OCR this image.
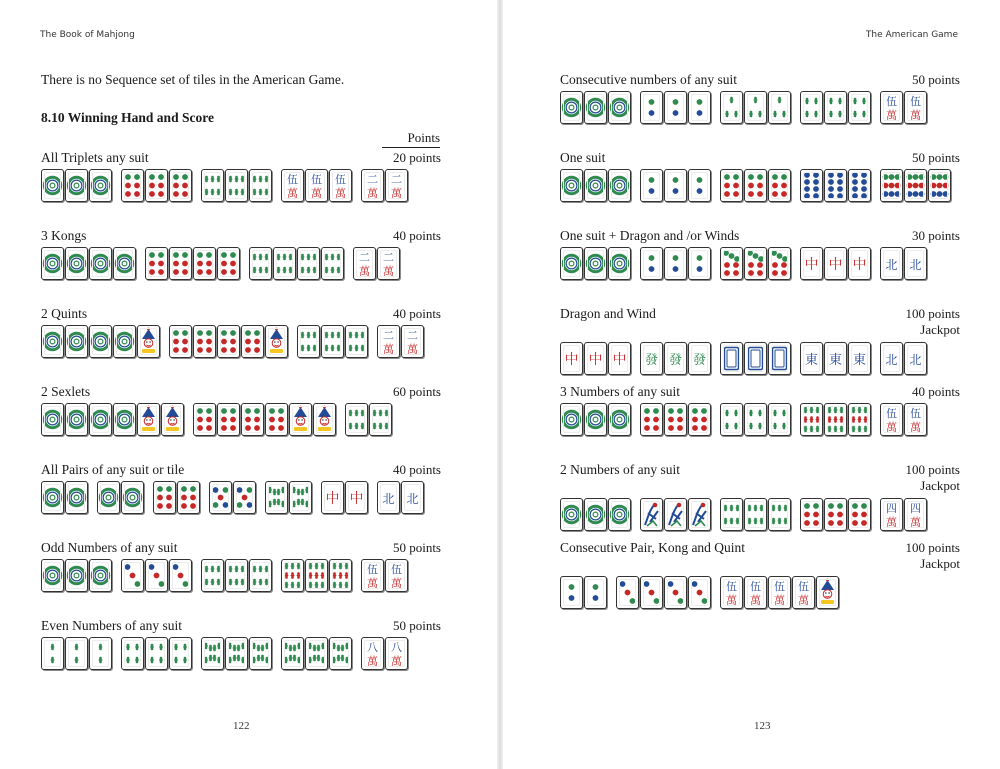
The Book of Mahjong	The American Game
There is no Sequence set of tiles in the American Game.
8.10 Winning Hand and Score
Points
All Triplets any suit	20 points
伍
萬
伍
萬
伍
萬
二
萬
二
萬
3 Kongs	40 points
二
萬
二
萬
2 Quints	40 points
二
萬
二
萬
2 Sexlets	60 points
All Pairs of any suit or tile	40 points
中 中 北 北
Odd Numbers of any suit	50 points
伍
萬
伍
萬
Even Numbers of any suit	50 points
八
萬
八
萬
122
Consecutive numbers of any suit	50 points
伍
萬
伍
萬
One suit	50 points
One suit + Dragon and /or Winds	30 points
中 中 中 北 北
Dragon and Wind	100 points
Jackpot
中 中 中 發 發 發	東 東 東 北 北
3 Numbers of any suit	40 points
伍
萬
伍
萬
2 Numbers of any suit	100 points
Jackpot
四
萬
四
萬
Consecutive Pair, Kong and Quint	100 points
Jackpot
伍
萬
伍
萬
伍
萬
伍
萬
123
